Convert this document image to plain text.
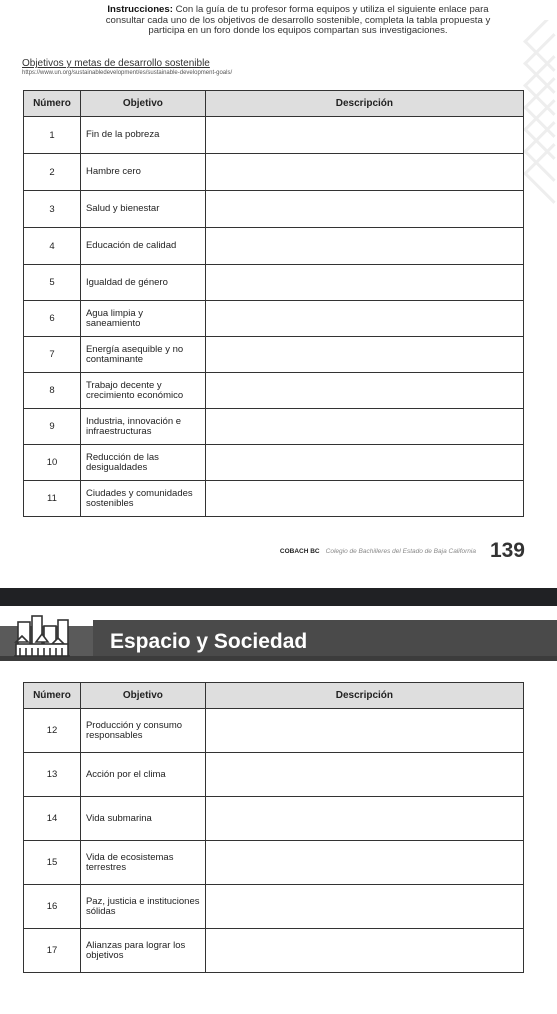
Instrucciones: Con la guía de tu profesor forma equipos y utiliza el siguiente enlace para consultar cada uno de los objetivos de desarrollo sostenible, completa la tabla propuesta y participa en un foro donde los equipos compartan sus investigaciones.

Objetivos y metas de desarrollo sostenible

https://www.un.org/sustainabledevelopment/es/sustainable-development-goals/

Número	Objetivo	Descripción
1	Fin de la pobreza	
2	Hambre cero	
3	Salud y bienestar	
4	Educación de calidad	
5	Igualdad de género	
6	Agua limpia y saneamiento	
7	Energía asequible y no contaminante	
8	Trabajo decente y crecimiento económico	
9	Industria, innovación e infraestructuras	
10	Reducción de las desigualdades	
11	Ciudades y comunidades sostenibles	
COBACH BC Colegio de Bachilleres del Estado de Baja California 139

Espacio y Sociedad

Número	Objetivo	Descripción
12	Producción y consumo responsables	
13	Acción por el clima	
14	Vida submarina	
15	Vida de ecosistemas terrestres	
16	Paz, justicia e instituciones sólidas	
17	Alianzas para lograr los objetivos	
